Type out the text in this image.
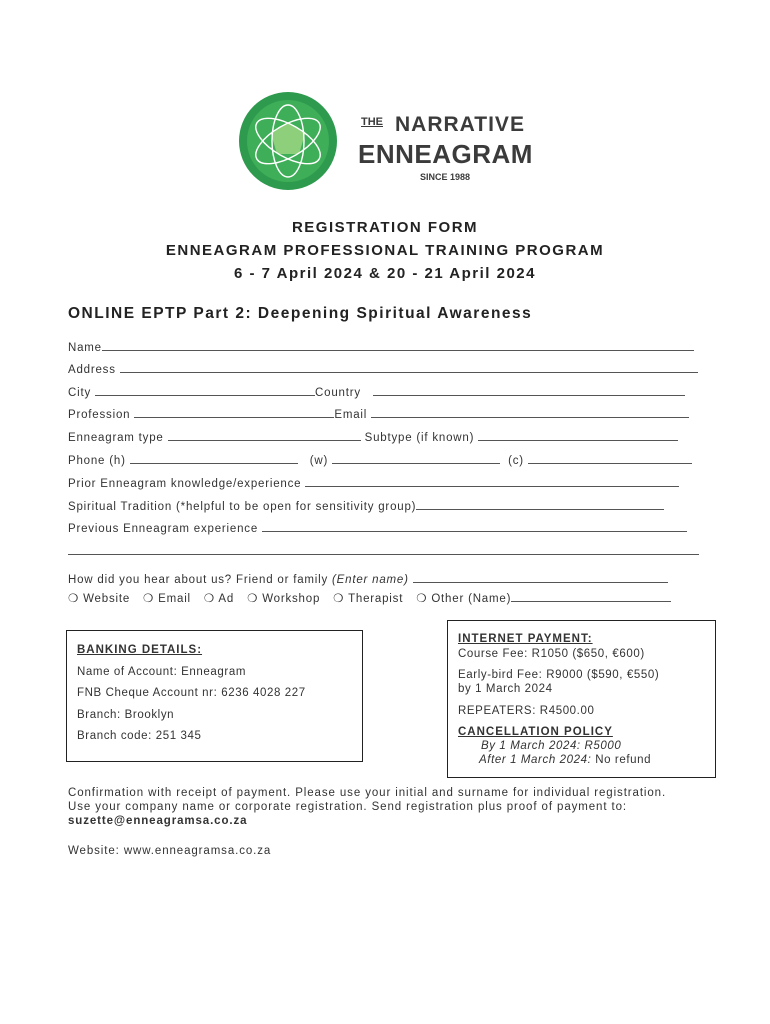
THE NARRATIVE
ENNEAGRAM
SINCE 1988
REGISTRATION FORM
ENNEAGRAM PROFESSIONAL TRAINING PROGRAM
6 - 7 April 2024 & 20 - 21 April 2024
ONLINE EPTP Part 2: Deepening Spiritual Awareness
Name
Address
City	Country
Profession	Email
Enneagram type	Subtype (if known)
Phone (h)	(w)	(c)
Prior Enneagram knowledge/experience
Spiritual Tradition (*helpful to be open for sensitivity group)
Previous Enneagram experience
How did you hear about us? Friend or family (Enter name)
❍ Website ❍ Email ❍ Ad ❍ Workshop ❍ Therapist ❍ Other (Name)
BANKING DETAILS:
Name of Account: Enneagram
FNB Cheque Account nr: 6236 4028 227
Branch: Brooklyn
Branch code: 251 345
INTERNET PAYMENT:
Course Fee: R1050 ($650, €600)
Early-bird Fee: R9000 ($590, €550)
by 1 March 2024
REPEATERS: R4500.00
CANCELLATION POLICY
By 1 March 2024: R5000
After 1 March 2024: No refund
Confirmation with receipt of payment. Please use your initial and surname for individual registration.
Use your company name or corporate registration. Send registration plus proof of payment to:
suzette@enneagramsa.co.za
Website: www.enneagramsa.co.za
